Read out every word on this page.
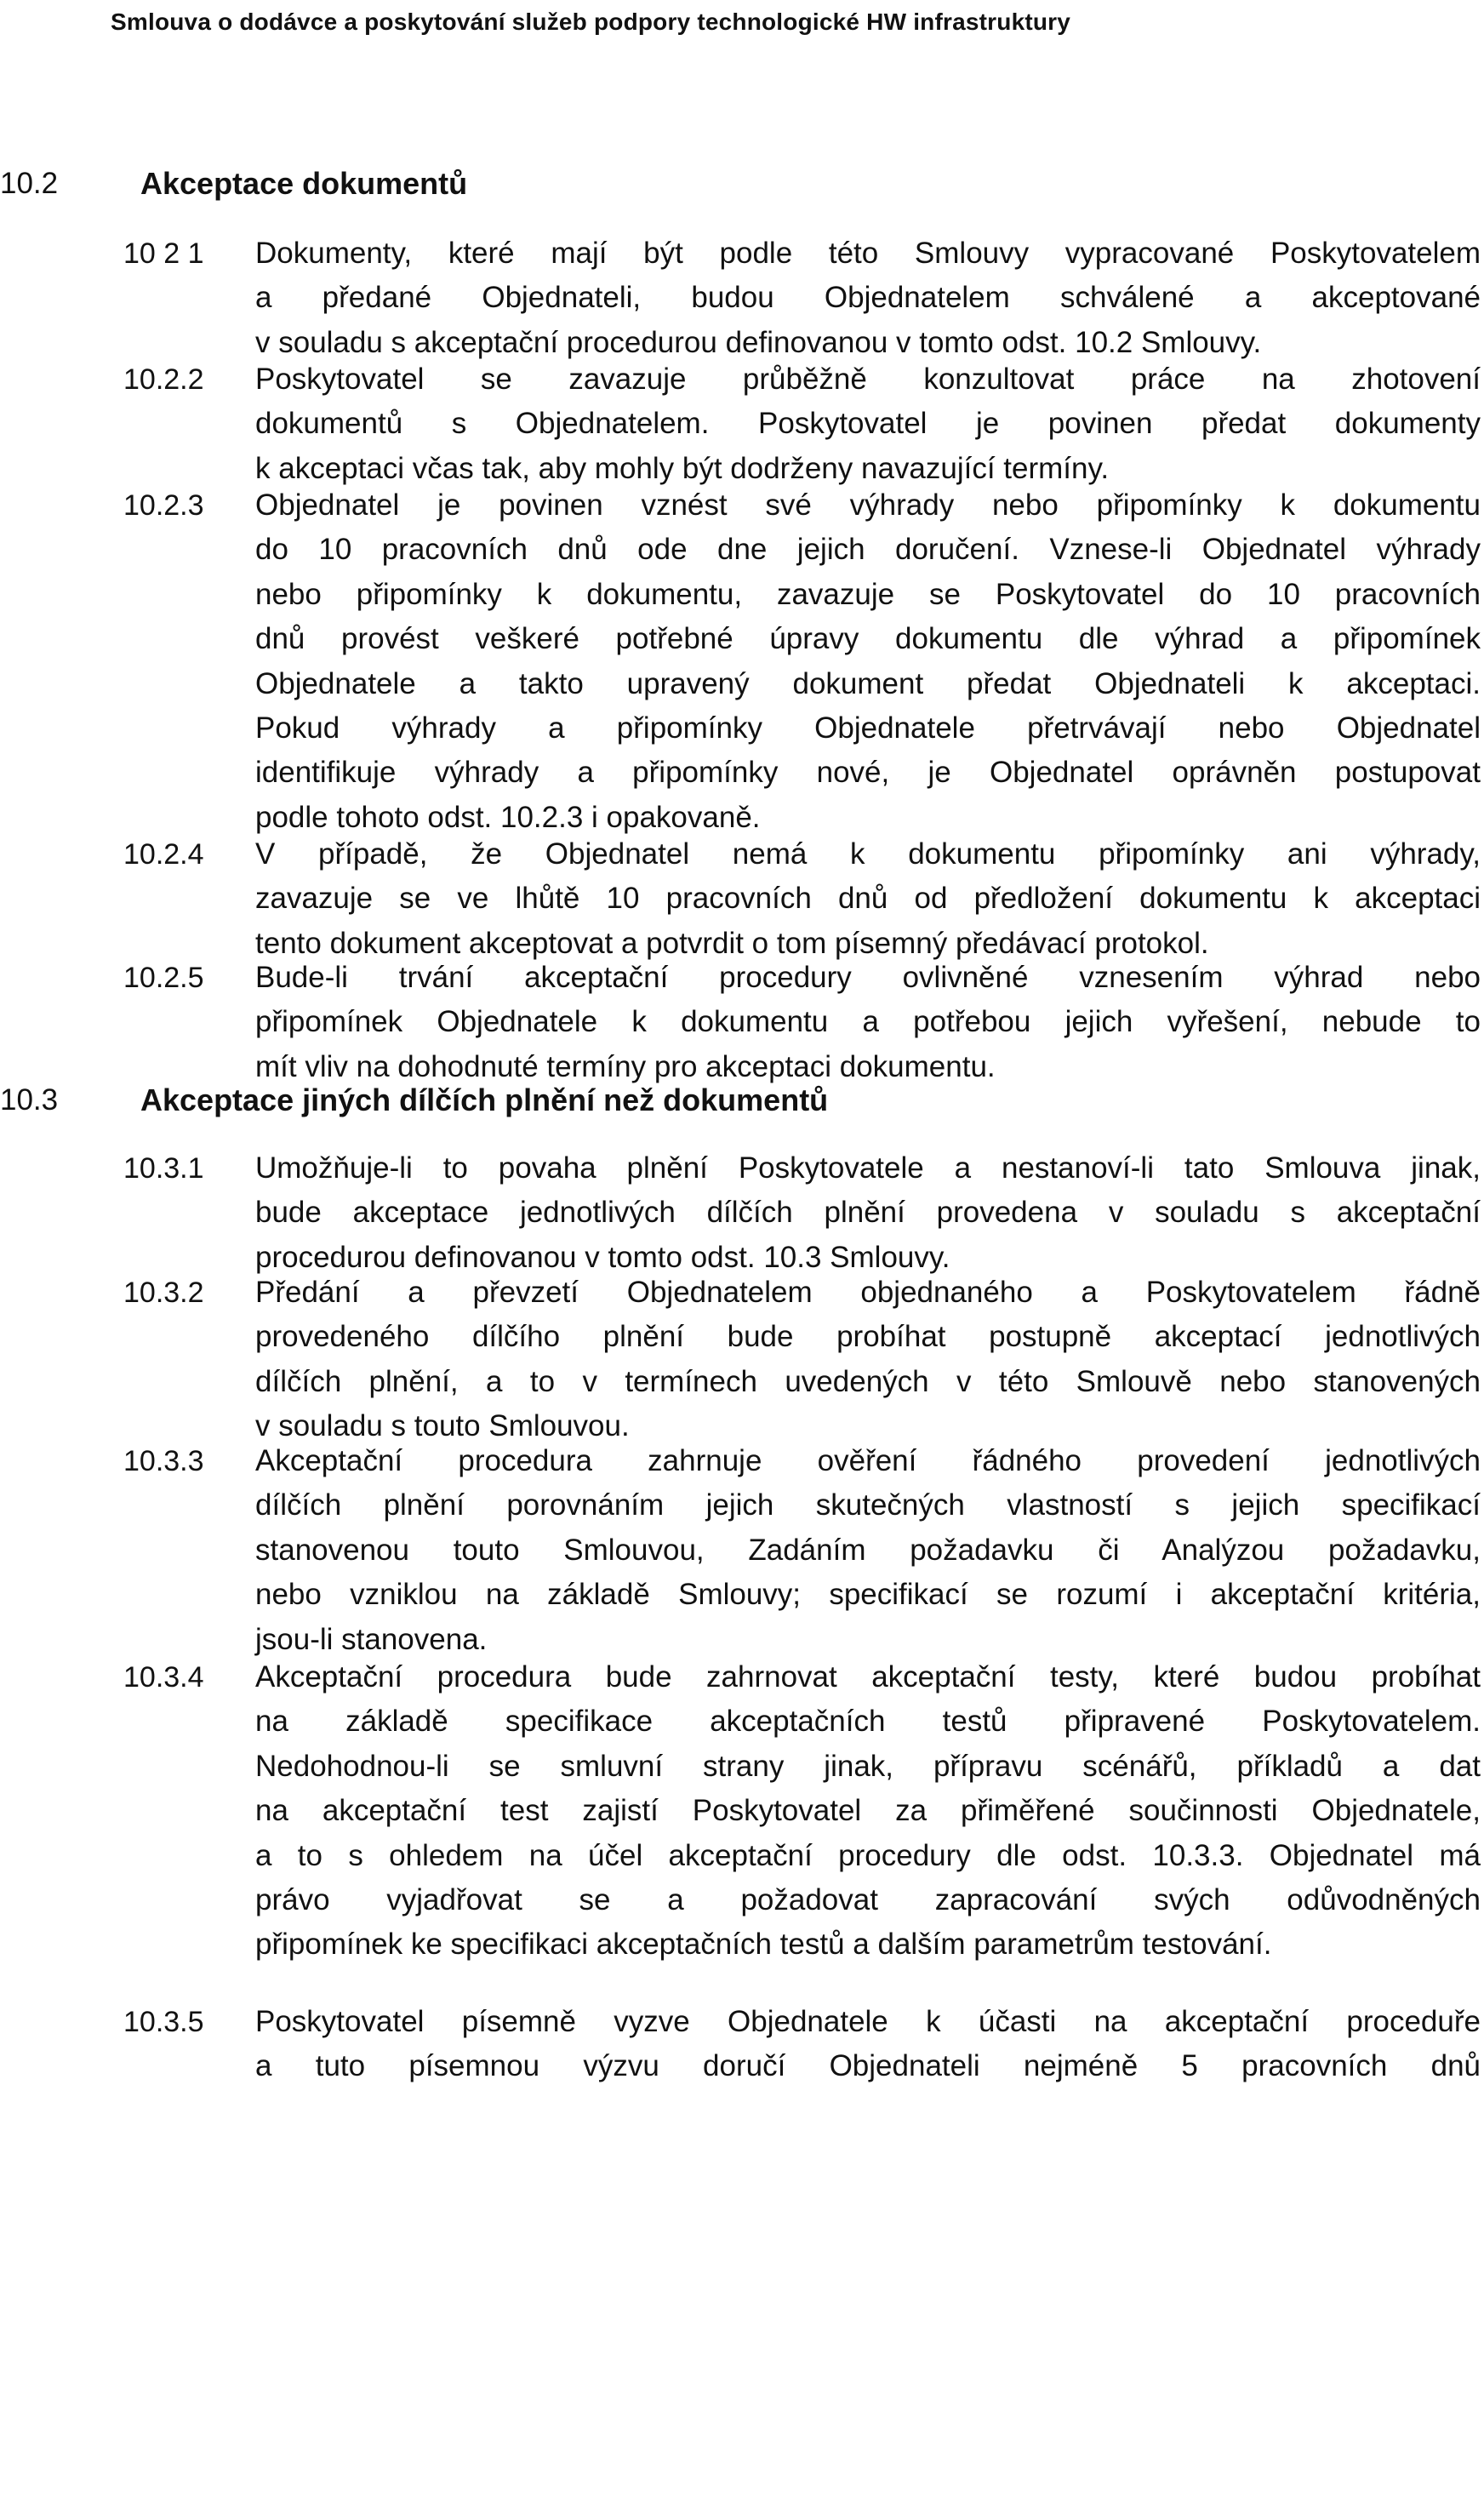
Smlouva o dodávce a poskytování služeb podpory technologické HW infrastruktury
10.2	Akceptace dokumentů
10 2 1 Dokumenty, které mají být podle této Smlouvy vypracované Poskytovatelem
a předané Objednateli, budou Objednatelem schválené a akceptované
v souladu s akceptační procedurou definovanou v tomto odst. 10.2 Smlouvy.
10.2.2 Poskytovatel se zavazuje průběžně konzultovat práce na zhotovení
dokumentů s Objednatelem. Poskytovatel je povinen předat dokumenty
k akceptaci včas tak, aby mohly být dodrženy navazující termíny.
10.2.3 Objednatel je povinen vznést své výhrady nebo připomínky k dokumentu
do 10 pracovních dnů ode dne jejich doručení. Vznese-li Objednatel výhrady
nebo připomínky k dokumentu, zavazuje se Poskytovatel do 10 pracovních
dnů provést veškeré potřebné úpravy dokumentu dle výhrad a připomínek
Objednatele a takto upravený dokument předat Objednateli k akceptaci.
Pokud výhrady a připomínky Objednatele přetrvávají nebo Objednatel
identifikuje výhrady a připomínky nové, je Objednatel oprávněn postupovat
podle tohoto odst. 10.2.3 i opakovaně.
10.2.4 V případě, že Objednatel nemá k dokumentu připomínky ani výhrady,
zavazuje se ve lhůtě 10 pracovních dnů od předložení dokumentu k akceptaci
tento dokument akceptovat a potvrdit o tom písemný předávací protokol.
10.2.5 Bude-li trvání akceptační procedury ovlivněné vznesením výhrad nebo
připomínek Objednatele k dokumentu a potřebou jejich vyřešení, nebude to
mít vliv na dohodnuté termíny pro akceptaci dokumentu.
10.3	Akceptace jiných dílčích plnění než dokumentů
10.3.1 Umožňuje-li to povaha plnění Poskytovatele a nestanoví-li tato Smlouva jinak,
bude akceptace jednotlivých dílčích plnění provedena v souladu s akceptační
procedurou definovanou v tomto odst. 10.3 Smlouvy.
10.3.2 Předání a převzetí Objednatelem objednaného a Poskytovatelem řádně
provedeného dílčího plnění bude probíhat postupně akceptací jednotlivých
dílčích plnění, a to v termínech uvedených v této Smlouvě nebo stanovených
v souladu s touto Smlouvou.
10.3.3 Akceptační procedura zahrnuje ověření řádného provedení jednotlivých
dílčích plnění porovnáním jejich skutečných vlastností s jejich specifikací
stanovenou touto Smlouvou, Zadáním požadavku či Analýzou požadavku,
nebo vzniklou na základě Smlouvy; specifikací se rozumí i akceptační kritéria,
jsou-li stanovena.
10.3.4 Akceptační procedura bude zahrnovat akceptační testy, které budou probíhat
na základě specifikace akceptačních testů připravené Poskytovatelem.
Nedohodnou-li se smluvní strany jinak, přípravu scénářů, příkladů a dat
na akceptační test zajistí Poskytovatel za přiměřené součinnosti Objednatele,
a to s ohledem na účel akceptační procedury dle odst. 10.3.3. Objednatel má
právo vyjadřovat se a požadovat zapracování svých odůvodněných
připomínek ke specifikaci akceptačních testů a dalším parametrům testování.
10.3.5 Poskytovatel písemně vyzve Objednatele k účasti na akceptační proceduře
a tuto písemnou výzvu doručí Objednateli nejméně 5 pracovních dnů
